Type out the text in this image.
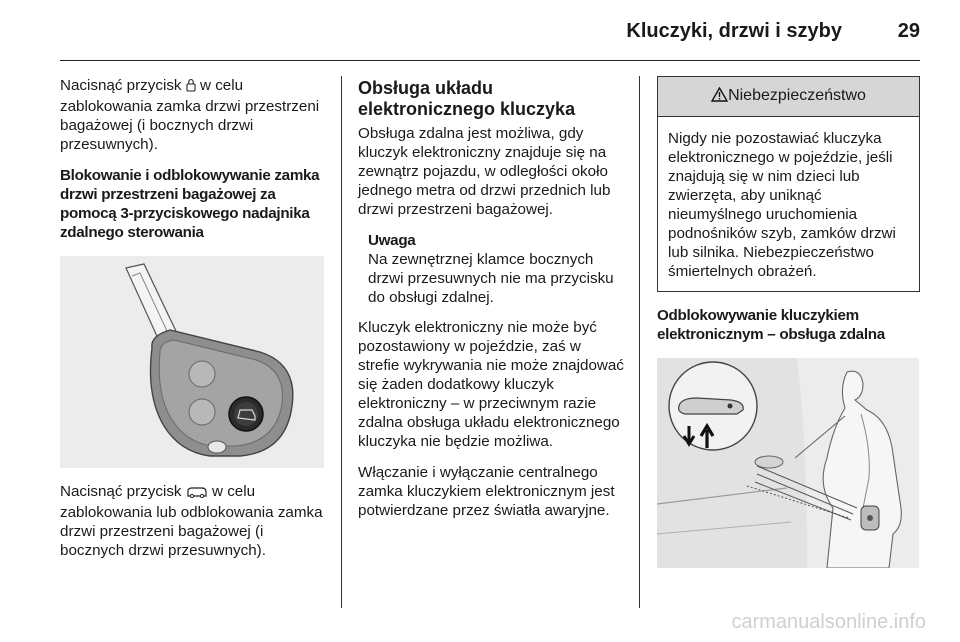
Kluczyki, drzwi i szyby	29

Nacisnąć przycisk w celu zablokowania zamka drzwi przestrzeni bagażowej (i bocznych drzwi przesuwnych).

Blokowanie i odblokowywanie zamka drzwi przestrzeni bagażowej za pomocą 3-przyciskowego nadajnika zdalnego sterowania

Nacisnąć przycisk w celu zablokowania lub odblokowania zamka drzwi przestrzeni bagażowej (i bocznych drzwi przesuwnych).

Obsługa układu elektronicznego kluczyka

Obsługa zdalna jest możliwa, gdy kluczyk elektroniczny znajduje się na zewnątrz pojazdu, w odległości około jednego metra od drzwi przednich lub drzwi przestrzeni bagażowej.

Uwaga

Na zewnętrznej klamce bocznych drzwi przesuwnych nie ma przycisku do obsługi zdalnej.

Kluczyk elektroniczny nie może być pozostawiony w pojeździe, zaś w strefie wykrywania nie może znajdować się żaden dodatkowy kluczyk elektroniczny – w przeciwnym razie zdalna obsługa układu elektronicznego kluczyka nie będzie możliwa.

Włączanie i wyłączanie centralnego zamka kluczykiem elektronicznym jest potwierdzane przez światła awaryjne.

Niebezpieczeństwo
Nigdy nie pozostawiać kluczyka elektronicznego w pojeździe, jeśli znajdują się w nim dzieci lub zwierzęta, aby uniknąć nieumyślnego uruchomienia podnośników szyb, zamków drzwi lub silnika. Niebezpieczeństwo śmiertelnych obrażeń.

Odblokowywanie kluczykiem elektronicznym – obsługa zdalna

carmanualsonline.info
